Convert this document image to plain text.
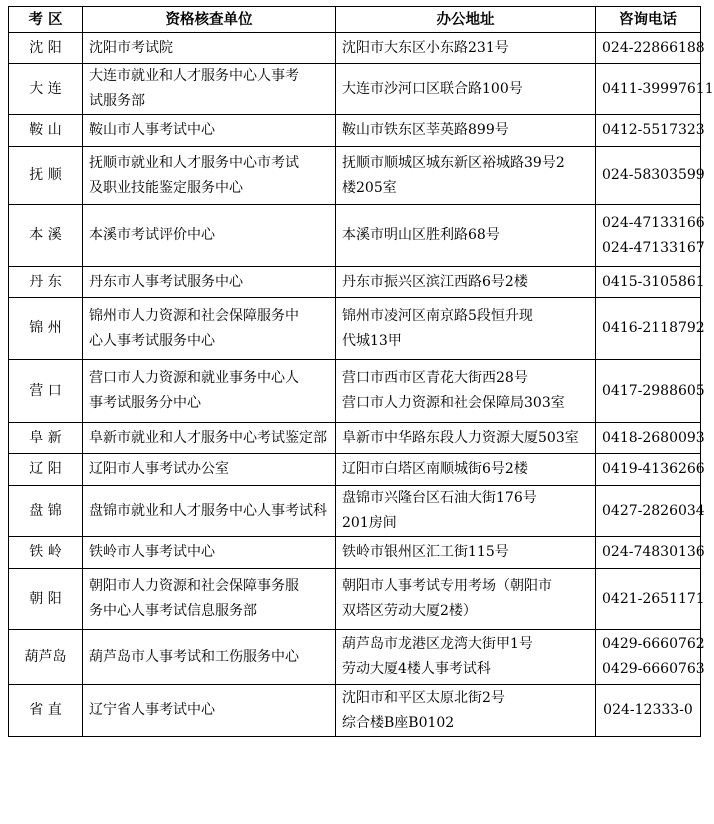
考 区	资格核查单位	办公地址	咨询电话
沈 阳	沈阳市考试院	沈阳市大东区小东路231号	024-22866188

大 连	大连市就业和人才服务中心人事考
试服务部	大连市沙河口区联合路100号	0411-39997611

鞍 山	鞍山市人事考试中心	鞍山市铁东区莘英路899号	0412-5517323

抚 顺	抚顺市就业和人才服务中心市考试
及职业技能鉴定服务中心	抚顺市顺城区城东新区裕城路39号2
楼205室	024-58303599

本 溪	本溪市考试评价中心	本溪市明山区胜利路68号	024-47133166
024-47133167

丹 东	丹东市人事考试服务中心	丹东市振兴区滨江西路6号2楼	0415-3105861

锦 州	锦州市人力资源和社会保障服务中
心人事考试服务中心	锦州市凌河区南京路5段恒升现
代城13甲	0416-2118792

营 口	营口市人力资源和就业事务中心人
事考试服务分中心	营口市西市区青花大街西28号
营口市人力资源和社会保障局303室	0417-2988605

阜 新	阜新市就业和人才服务中心考试鉴定部	阜新市中华路东段人力资源大厦503室	0418-2680093

辽 阳	辽阳市人事考试办公室	辽阳市白塔区南顺城街6号2楼	0419-4136266

盘 锦	盘锦市就业和人才服务中心人事考试科	盘锦市兴隆台区石油大街176号
201房间	0427-2826034

铁 岭	铁岭市人事考试中心	铁岭市银州区汇工街115号	024-74830136

朝 阳	朝阳市人力资源和社会保障事务服
务中心人事考试信息服务部	朝阳市人事考试专用考场（朝阳市
双塔区劳动大厦2楼）	0421-2651171

葫芦岛	葫芦岛市人事考试和工伤服务中心	葫芦岛市龙港区龙湾大街甲1号
劳动大厦4楼人事考试科	0429-6660762
0429-6660763

省 直	辽宁省人事考试中心	沈阳市和平区太原北街2号
综合楼B座B0102	024-12333-0
